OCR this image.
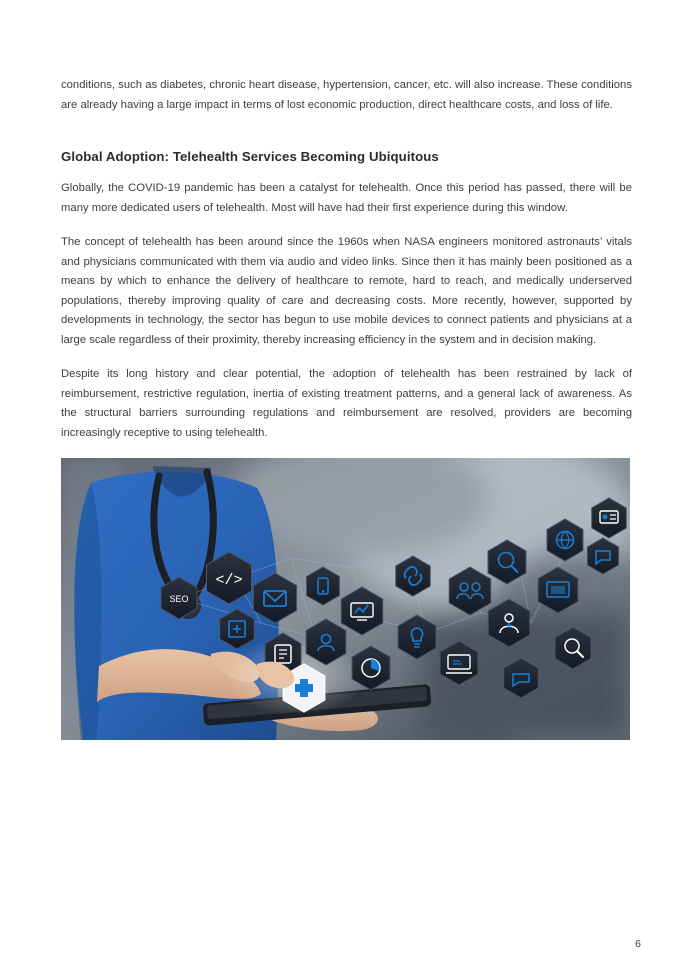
conditions, such as diabetes, chronic heart disease, hypertension, cancer, etc. will also increase. These conditions are already having a large impact in terms of lost economic production, direct healthcare costs, and loss of life.

Global Adoption: Telehealth Services Becoming Ubiquitous

Globally, the COVID-19 pandemic has been a catalyst for telehealth. Once this period has passed, there will be many more dedicated users of telehealth. Most will have had their first experience during this window.

The concept of telehealth has been around since the 1960s when NASA engineers monitored astronauts’ vitals and physicians communicated with them via audio and video links. Since then it has mainly been positioned as a means by which to enhance the delivery of healthcare to remote, hard to reach, and medically underserved populations, thereby improving quality of care and decreasing costs. More recently, however, supported by developments in technology, the sector has begun to use mobile devices to connect patients and physicians at a large scale regardless of their proximity, thereby increasing efficiency in the system and in decision making.

Despite its long history and clear potential, the adoption of telehealth has been restrained by lack of reimbursement, restrictive regulation, inertia of existing treatment patterns, and a general lack of awareness. As the structural barriers surrounding regulations and reimbursement are resolved, providers are becoming increasingly receptive to using telehealth.

SEO
</>
6
